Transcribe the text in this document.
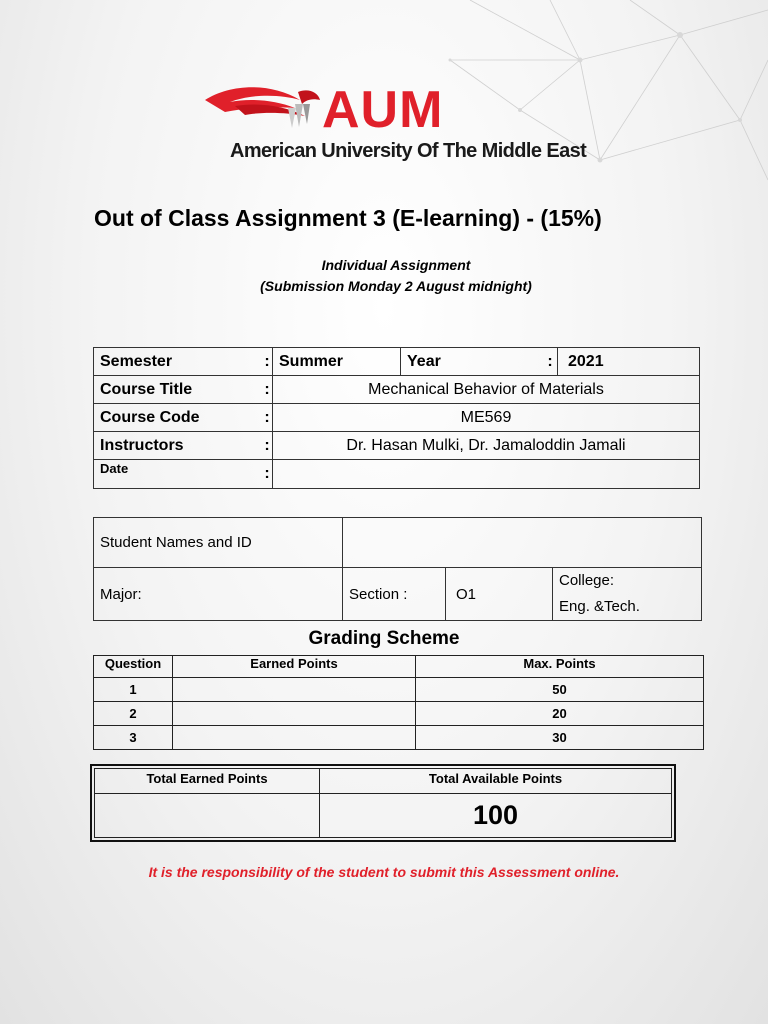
AUM
American University Of The Middle East
Out of Class Assignment 3 (E-learning) - (15%)
Individual Assignment
(Submission Monday 2 August midnight)
Semester	:	Summer	Year	:	2021
Course Title	:	Mechanical Behavior of Materials			
Course Code	:	ME569			
Instructors	:	Dr. Hasan Mulki, Dr. Jamaloddin Jamali			
Date	:				
Student Names and ID			
Major:	Section :	O1	College:
Eng. &Tech.
Grading Scheme
Question	Earned Points	Max. Points
1		50
2		20
3		30
Total Earned Points	Total Available Points
	100
It is the responsibility of the student to submit this Assessment online.
